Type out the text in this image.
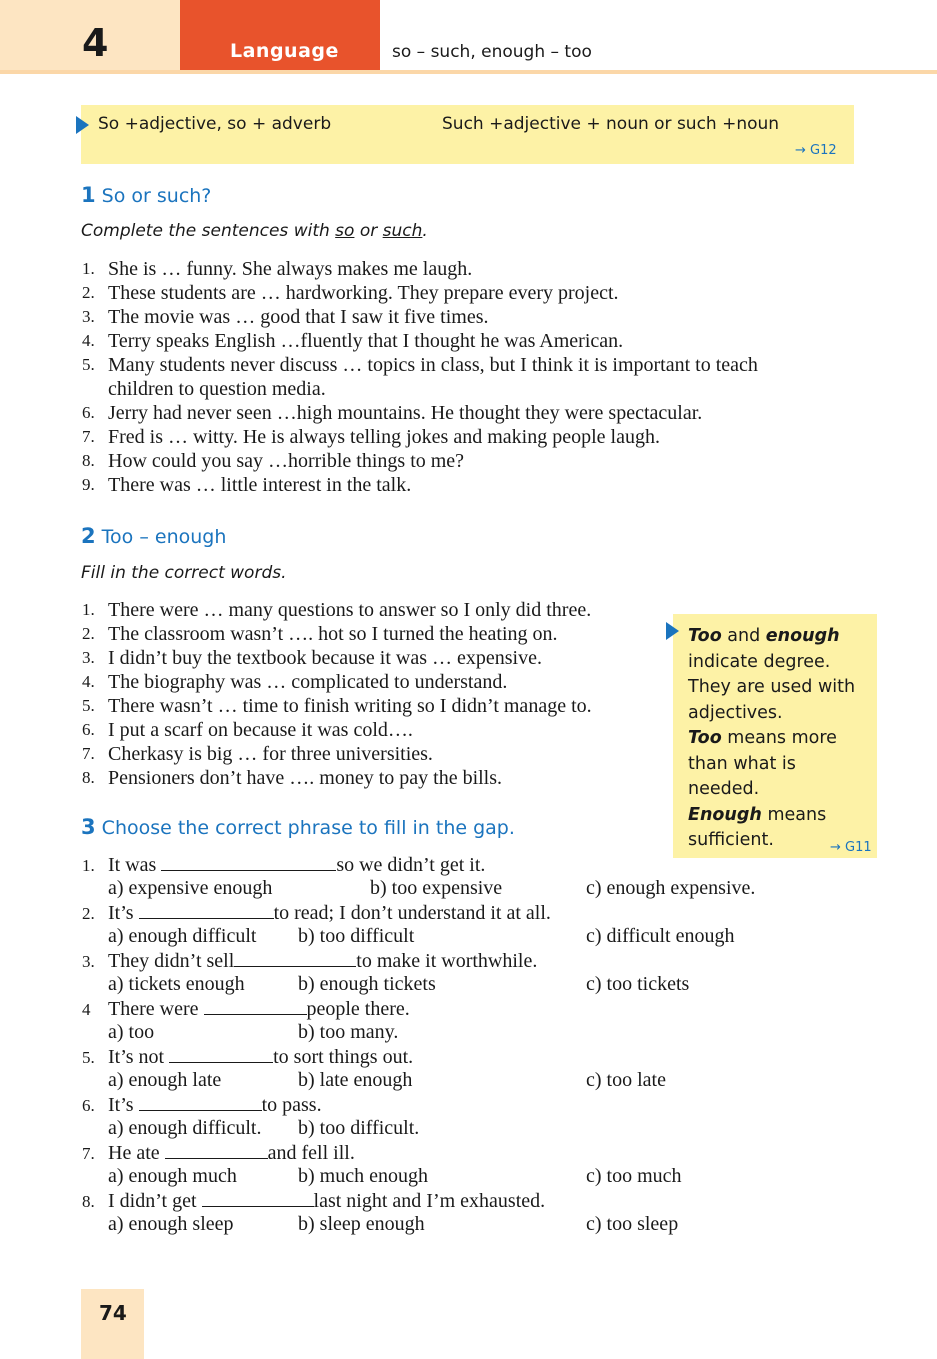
4	Language	so – such, enough – too
So +adjective, so + adverb	Such +adjective + noun or such +noun
→ G12
1 So or such?
Complete the sentences with so or such.
1. She is … funny. She always makes me laugh.
2. These students are … hardworking. They prepare every project.
3. The movie was … good that I saw it five times.
4. Terry speaks English …fluently that I thought he was American.
5. Many students never discuss … topics in class, but I think it is important to teach children to question media.
6. Jerry had never seen …high mountains. He thought they were spectacular.
7. Fred is … witty. He is always telling jokes and making people laugh.
8. How could you say …horrible things to me?
9. There was … little interest in the talk.
2 Too – enough
Fill in the correct words.
1. There were … many questions to answer so I only did three.
2. The classroom wasn’t …. hot so I turned the heating on.
3. I didn’t buy the textbook because it was … expensive.
4. The biography was … complicated to understand.
5. There wasn’t … time to finish writing so I didn’t manage to.
6. I put a scarf on because it was cold….
7. Cherkasy is big … for three universities.
8. Pensioners don’t have …. money to pay the bills.
Too and enough indicate degree. They are used with adjectives.
Too means more than what is needed.
Enough means sufficient.	→ G11
3 Choose the correct phrase to fill in the gap.
1. It was	so we didn’t get it.
a) expensive enough	b) too expensive	c) enough expensive.
2. It’s	to read; I don’t understand it at all.
a) enough difficult b) too difficult	c) difficult enough
3. They didn’t sell	to make it worthwhile.
a) tickets enough	b) enough tickets	c) too tickets
4 There were	people there.
a) too	b) too many.
5. It’s not	to sort things out.
a) enough late	b) late enough	c) too late
6. It’s	to pass.
a) enough difficult. b) too difficult.
7. He ate	and fell ill.
a) enough much	b) much enough	c) too much
8. I didn’t get	last night and I’m exhausted.
a) enough sleep	b) sleep enough	c) too sleep
74
